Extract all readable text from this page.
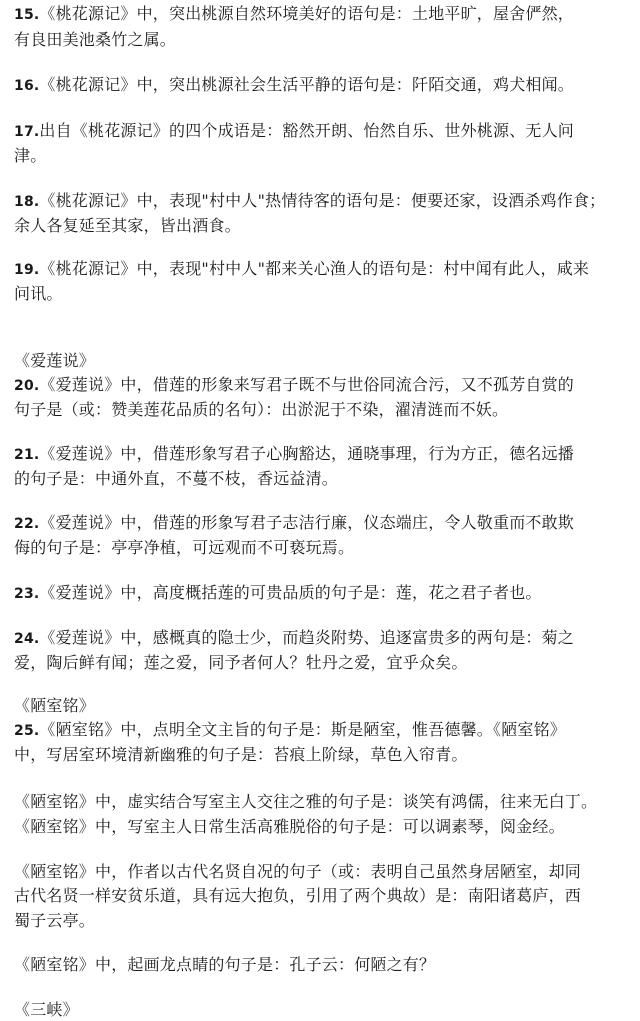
15.《桃花源记》中，突出桃源自然环境美好的语句是：土地平旷，屋舍俨然，
有良田美池桑竹之属。
16.《桃花源记》中，突出桃源社会生活平静的语句是：阡陌交通，鸡犬相闻。
17.出自《桃花源记》的四个成语是：豁然开朗、怡然自乐、世外桃源、无人问
津。
18.《桃花源记》中，表现"村中人"热情待客的语句是：便要还家，设酒杀鸡作食；
余人各复延至其家，皆出酒食。
19.《桃花源记》中，表现"村中人"都来关心渔人的语句是：村中闻有此人，咸来
问讯。
《爱莲说》
20.《爱莲说》中，借莲的形象来写君子既不与世俗同流合污，又不孤芳自赏的
句子是（或：赞美莲花品质的名句）：出淤泥于不染，濯清涟而不妖。
21.《爱莲说》中，借莲形象写君子心胸豁达，通晓事理，行为方正，德名远播
的句子是：中通外直，不蔓不枝，香远益清。
22.《爱莲说》中，借莲的形象写君子志洁行廉，仪态端庄，令人敬重而不敢欺
侮的句子是：亭亭净植，可远观而不可亵玩焉。
23.《爱莲说》中，高度概括莲的可贵品质的句子是：莲，花之君子者也。
24.《爱莲说》中，感概真的隐士少，而趋炎附势、追逐富贵多的两句是：菊之
爱，陶后鲜有闻；莲之爱，同予者何人？牡丹之爱，宜乎众矣。
《陋室铭》
25.《陋室铭》中，点明全文主旨的句子是：斯是陋室，惟吾德馨。《陋室铭》
中，写居室环境清新幽雅的句子是：苔痕上阶绿，草色入帘青。
《陋室铭》中，虚实结合写室主人交往之雅的句子是：谈笑有鸿儒，往来无白丁。
《陋室铭》中，写室主人日常生活高雅脱俗的句子是：可以调素琴，阅金经。
《陋室铭》中，作者以古代名贤自况的句子（或：表明自己虽然身居陋室，却同
古代名贤一样安贫乐道，具有远大抱负，引用了两个典故）是：南阳诸葛庐，西
蜀子云亭。
《陋室铭》中，起画龙点睛的句子是：孔子云：何陋之有？
《三峡》
